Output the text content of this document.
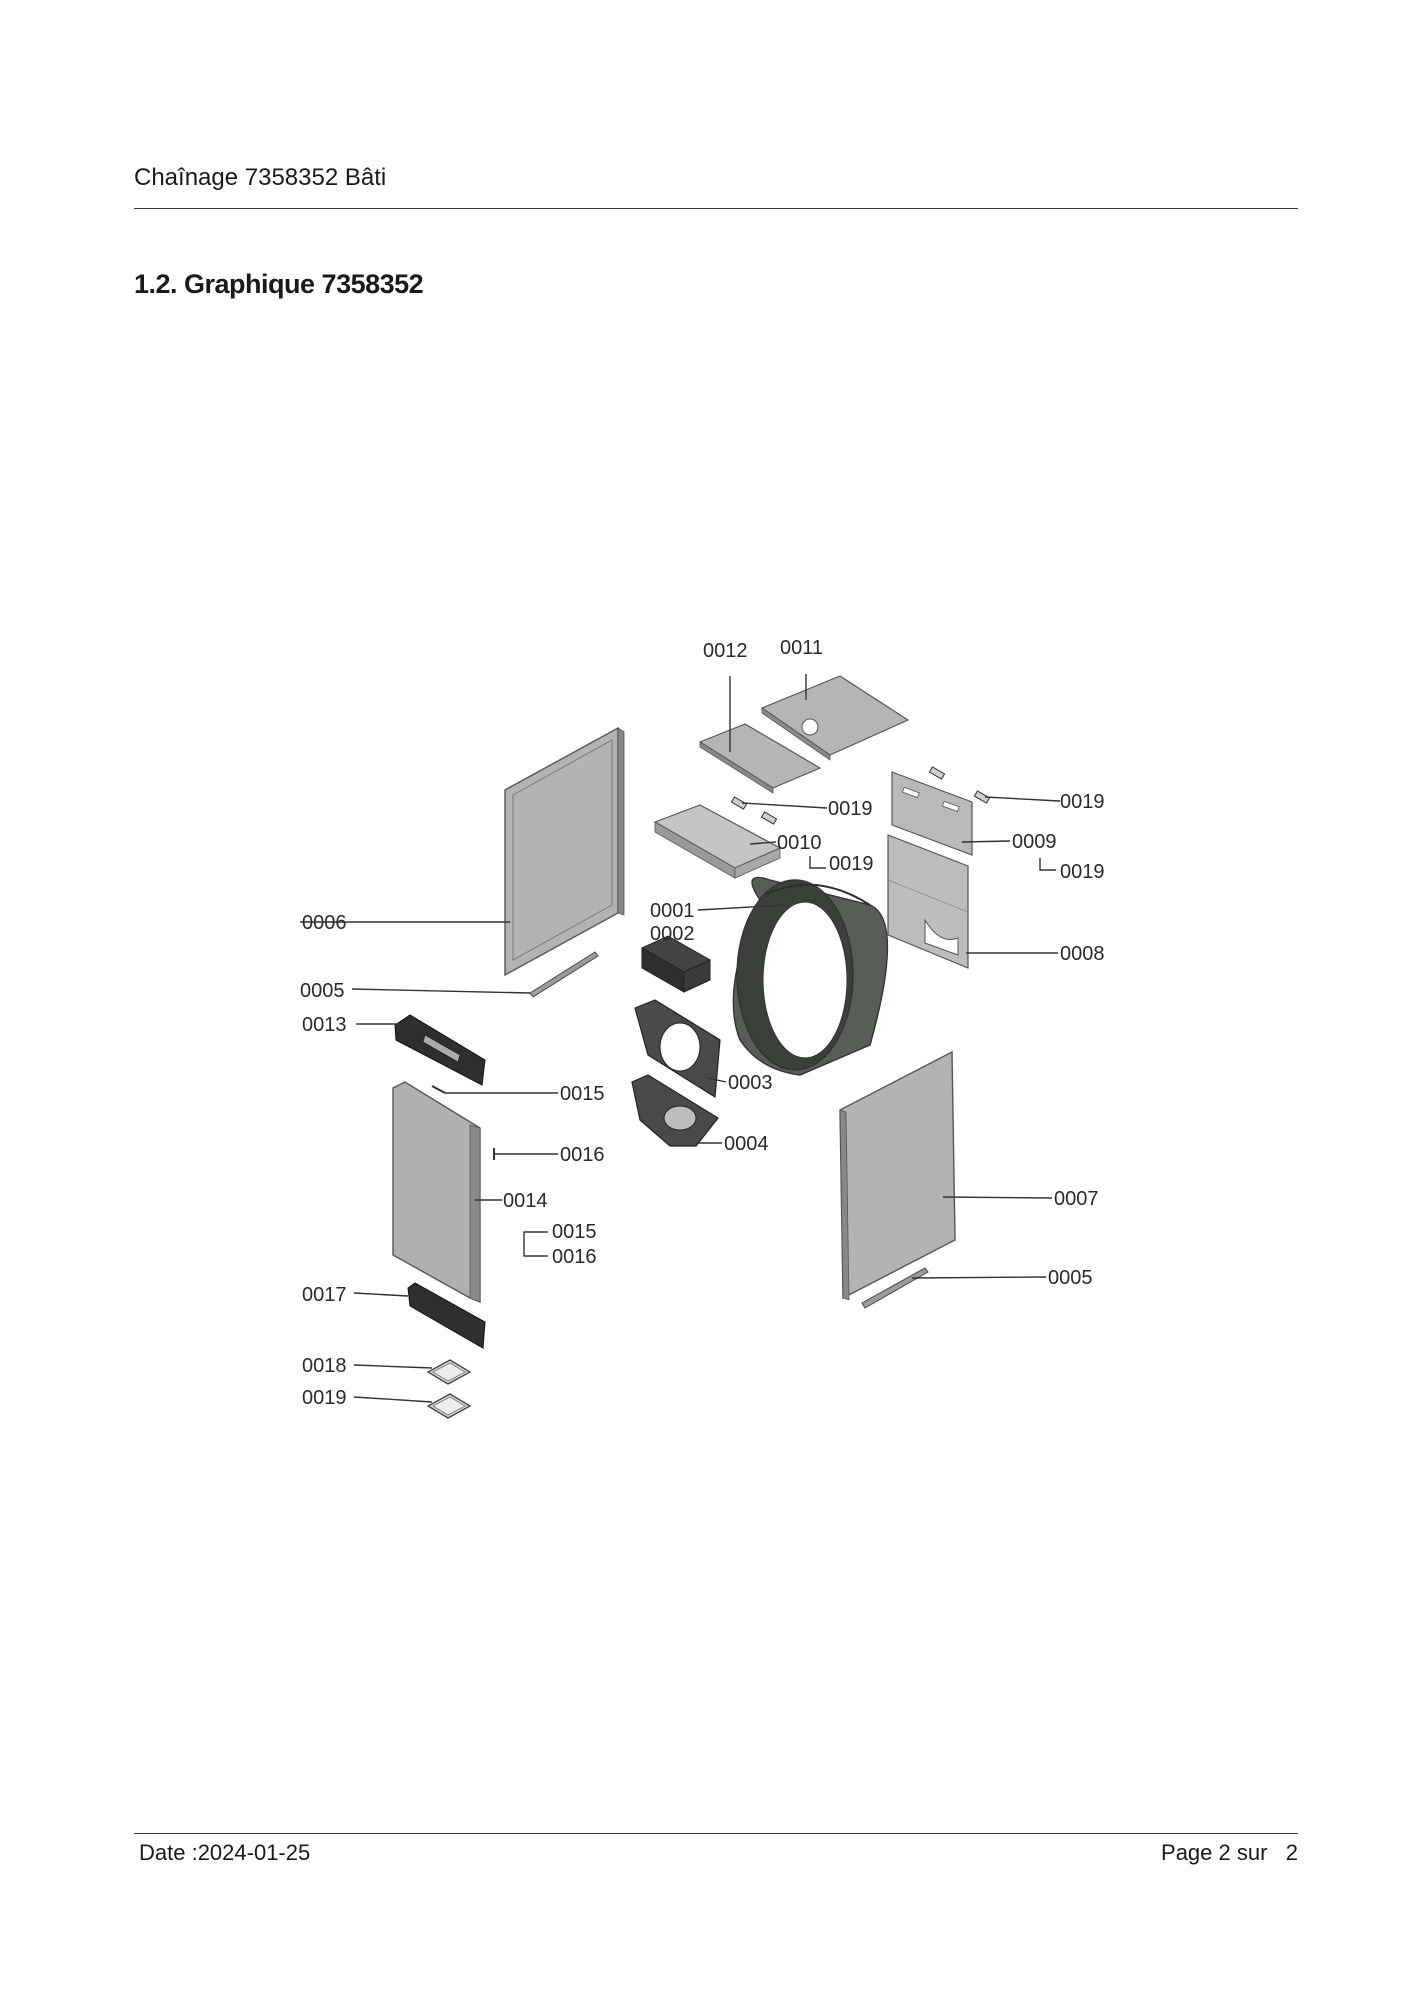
Chaînage 7358352 Bâti
1.2. Graphique 7358352
0012 0011
0019	0019
0009
0019
0010
0019
0001
0002
0006
0008
0005
0013
0003
0015
0004
0016
0014	0007
0015
0016
0005
0017
0018
0019
Date :2024-01-25	Page 2 sur   2
